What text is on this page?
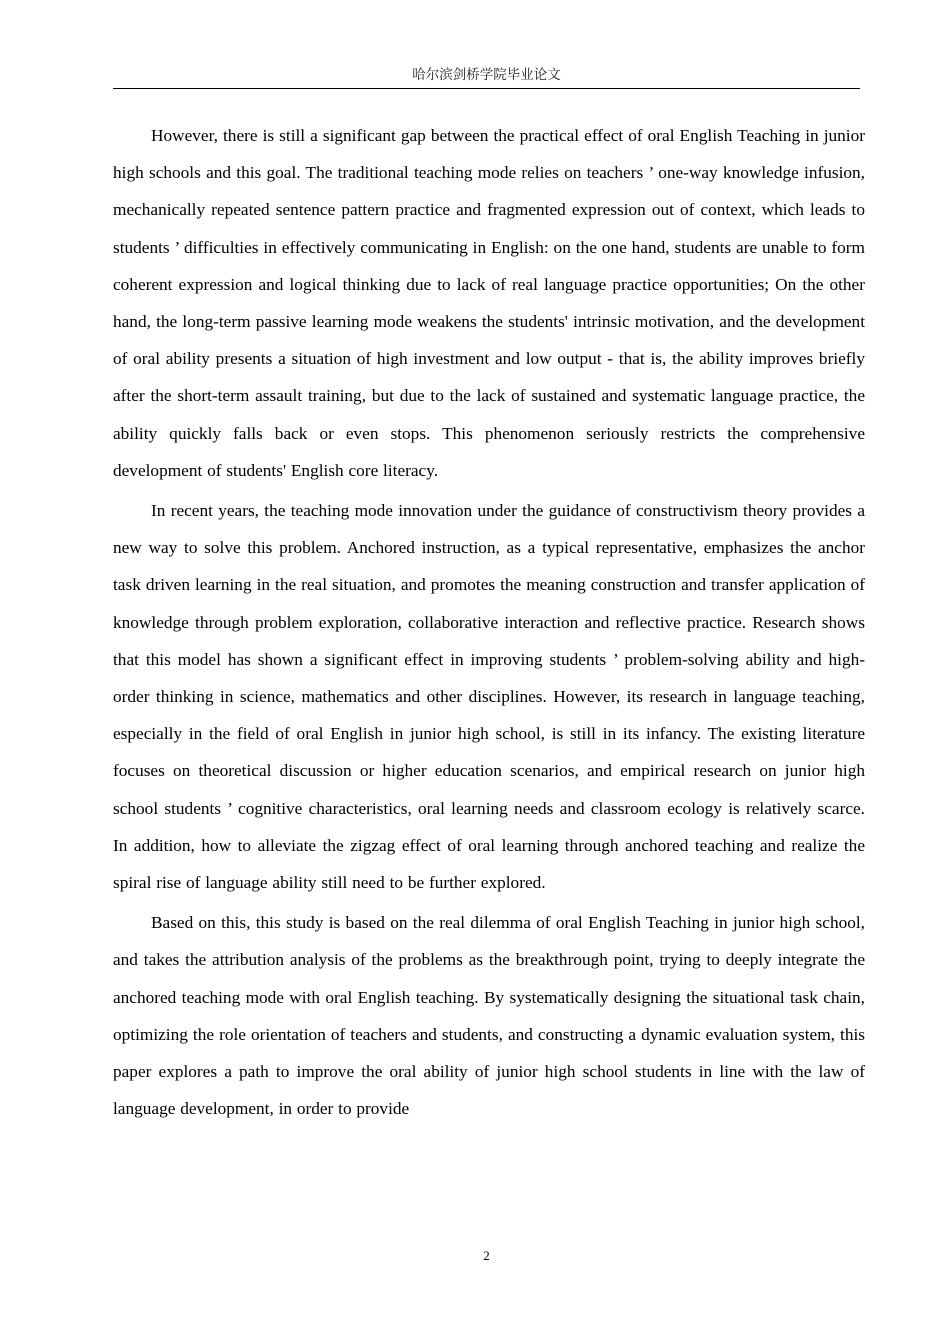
哈尔滨剑桥学院毕业论文

However, there is still a significant gap between the practical effect of oral English Teaching in junior high schools and this goal. The traditional teaching mode relies on teachers ’ one-way knowledge infusion, mechanically repeated sentence pattern practice and fragmented expression out of context, which leads to students ’ difficulties in effectively communicating in English: on the one hand, students are unable to form coherent expression and logical thinking due to lack of real language practice opportunities; On the other hand, the long-term passive learning mode weakens the students' intrinsic motivation, and the development of oral ability presents a situation of high investment and low output - that is, the ability improves briefly after the short-term assault training, but due to the lack of sustained and systematic language practice, the ability quickly falls back or even stops. This phenomenon seriously restricts the comprehensive development of students' English core literacy.

In recent years, the teaching mode innovation under the guidance of constructivism theory provides a new way to solve this problem. Anchored instruction, as a typical representative, emphasizes the anchor task driven learning in the real situation, and promotes the meaning construction and transfer application of knowledge through problem exploration, collaborative interaction and reflective practice. Research shows that this model has shown a significant effect in improving students ’ problem-solving ability and high-order thinking in science, mathematics and other disciplines. However, its research in language teaching, especially in the field of oral English in junior high school, is still in its infancy. The existing literature focuses on theoretical discussion or higher education scenarios, and empirical research on junior high school students ’ cognitive characteristics, oral learning needs and classroom ecology is relatively scarce. In addition, how to alleviate the zigzag effect of oral learning through anchored teaching and realize the spiral rise of language ability still need to be further explored.

Based on this, this study is based on the real dilemma of oral English Teaching in junior high school, and takes the attribution analysis of the problems as the breakthrough point, trying to deeply integrate the anchored teaching mode with oral English teaching. By systematically designing the situational task chain, optimizing the role orientation of teachers and students, and constructing a dynamic evaluation system, this paper explores a path to improve the oral ability of junior high school students in line with the law of language development, in order to provide

2
